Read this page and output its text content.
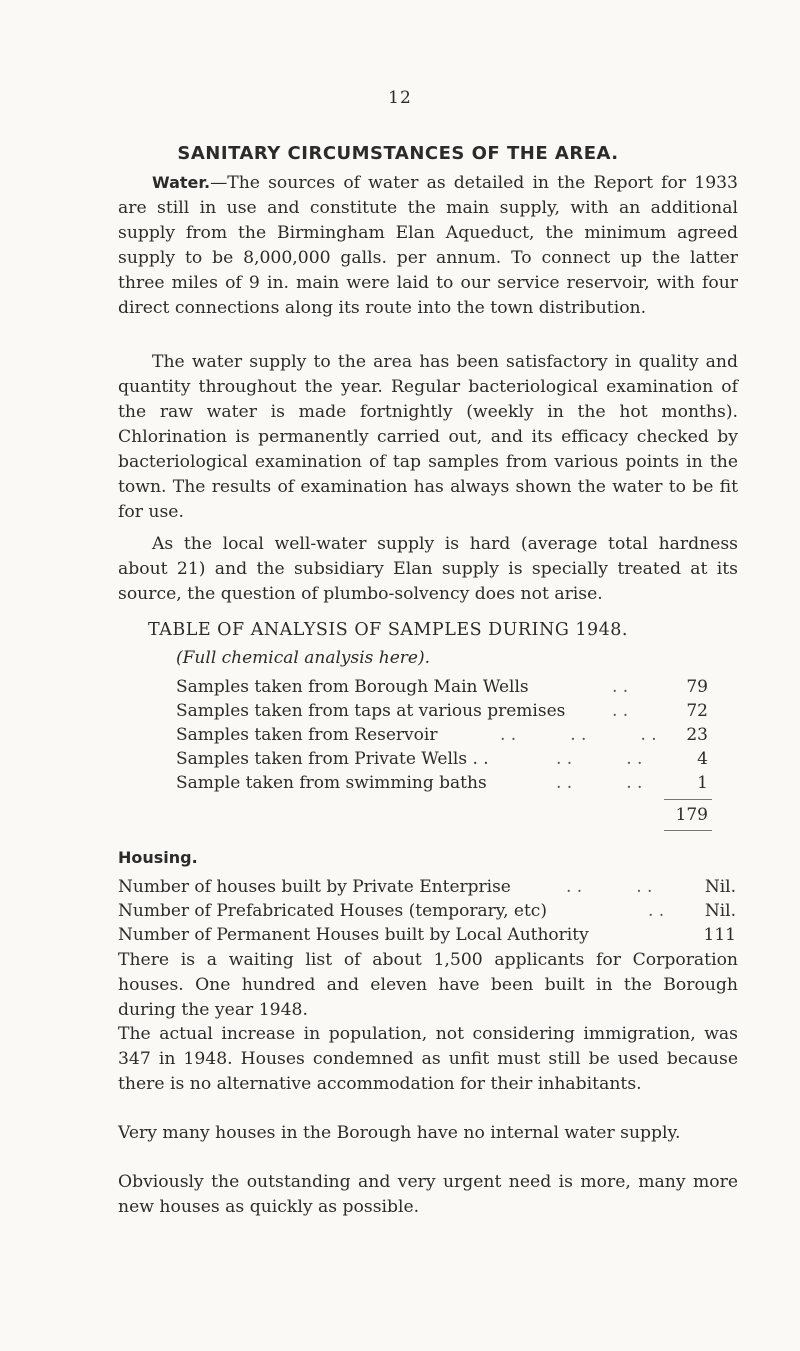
12
SANITARY CIRCUMSTANCES OF THE AREA.

Water.—The sources of water as detailed in the Report for 1933 are still in use and constitute the main supply, with an additional supply from the Birmingham Elan Aqueduct, the minimum agreed supply to be 8,000,000 galls. per annum. To connect up the latter three miles of 9 in. main were laid to our service reservoir, with four direct connections along its route into the town distribution.

The water supply to the area has been satisfactory in quality and quantity throughout the year. Regular bacteriological examination of the raw water is made fortnightly (weekly in the hot months). Chlorination is permanently carried out, and its efficacy checked by bacteriological examination of tap samples from various points in the town. The results of examination has always shown the water to be fit for use.

As the local well-water supply is hard (average total hardness about 21) and the subsidiary Elan supply is specially treated at its source, the question of plumbo-solvency does not arise.

TABLE OF ANALYSIS OF SAMPLES DURING 1948.
(Full chemical analysis here).
Samples taken from Borough Main Wells	. .	79
Samples taken from taps at various premises	. .	72
Samples taken from Reservoir	. .          . .          . . 23
Samples taken from Private Wells . .	. .          . .	4
Sample taken from swimming baths	. .          . .	1
179
Housing.
Number of houses built by Private Enterprise	. .          . .	Nil.
Number of Prefabricated Houses (temporary, etc)	. . Nil.
Number of Permanent Houses built by Local Authority	111

There is a waiting list of about 1,500 applicants for Corporation houses. One hundred and eleven have been built in the Borough during the year 1948.

The actual increase in population, not considering immigration, was 347 in 1948. Houses condemned as unfit must still be used because there is no alternative accommodation for their inhabitants.

Very many houses in the Borough have no internal water supply.

Obviously the outstanding and very urgent need is more, many more new houses as quickly as possible.
